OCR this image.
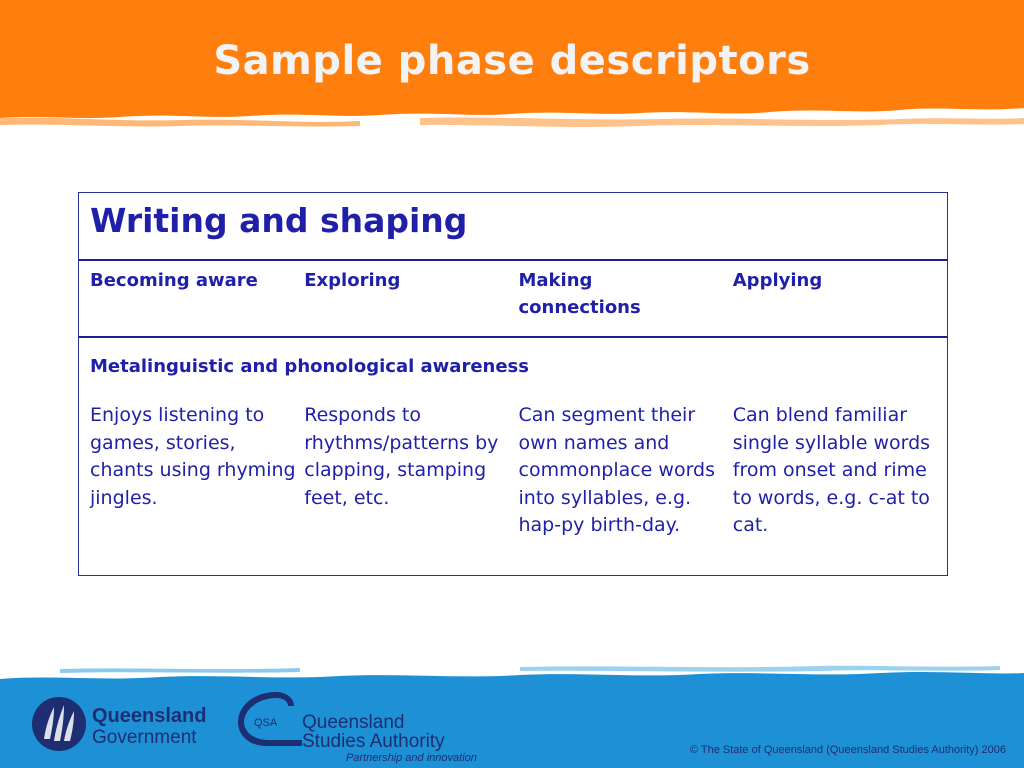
Sample phase descriptors
Writing and shaping
Becoming aware	Exploring	Making
connections
Applying
Metalinguistic and phonological awareness
Enjoys listening to games, stories, chants using rhyming jingles.
Responds to rhythms/patterns by clapping, stamping feet, etc.
Can segment their own names and commonplace words into syllables, e.g. hap-py birth-day.
Can blend familiar single syllable words from onset and rime to words, e.g. c-at to cat.
Queensland
Government
QSA Queensland
Studies Authority
Partnership and innovation
© The State of Queensland (Queensland Studies Authority) 2006
